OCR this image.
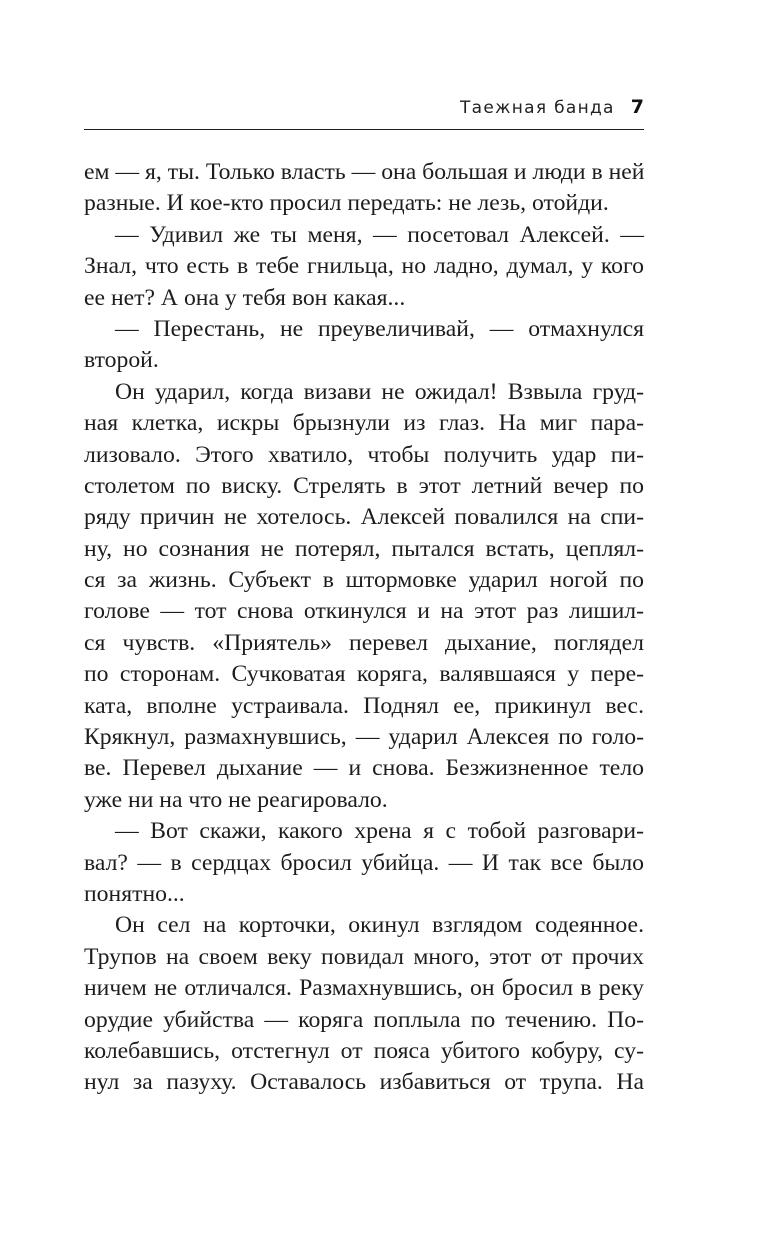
Таежная банда 7
ем — я, ты. Только власть — она большая и люди в ней
разные. И кое-кто просил передать: не лезь, отойди.
— Удивил же ты меня, — посетовал Алексей. —
Знал, что есть в тебе гнильца, но ладно, думал, у кого
ее нет? А она у тебя вон какая...
— Перестань, не преувеличивай, — отмахнулся
второй.
Он ударил, когда визави не ожидал! Взвыла груд-
ная клетка, искры брызнули из глаз. На миг пара-
лизовало. Этого хватило, чтобы получить удар пи-
столетом по виску. Стрелять в этот летний вечер по
ряду причин не хотелось. Алексей повалился на спи-
ну, но сознания не потерял, пытался встать, цеплял-
ся за жизнь. Субъект в штормовке ударил ногой по
голове — тот снова откинулся и на этот раз лишил-
ся чувств. «Приятель» перевел дыхание, поглядел
по сторонам. Сучковатая коряга, валявшаяся у пере-
ката, вполне устраивала. Поднял ее, прикинул вес.
Крякнул, размахнувшись, — ударил Алексея по голо-
ве. Перевел дыхание — и снова. Безжизненное тело
уже ни на что не реагировало.
— Вот скажи, какого хрена я с тобой разговари-
вал? — в сердцах бросил убийца. — И так все было
понятно...
Он сел на корточки, окинул взглядом содеянное.
Трупов на своем веку повидал много, этот от прочих
ничем не отличался. Размахнувшись, он бросил в реку
орудие убийства — коряга поплыла по течению. По-
колебавшись, отстегнул от пояса убитого кобуру, су-
нул за пазуху. Оставалось избавиться от трупа. На
